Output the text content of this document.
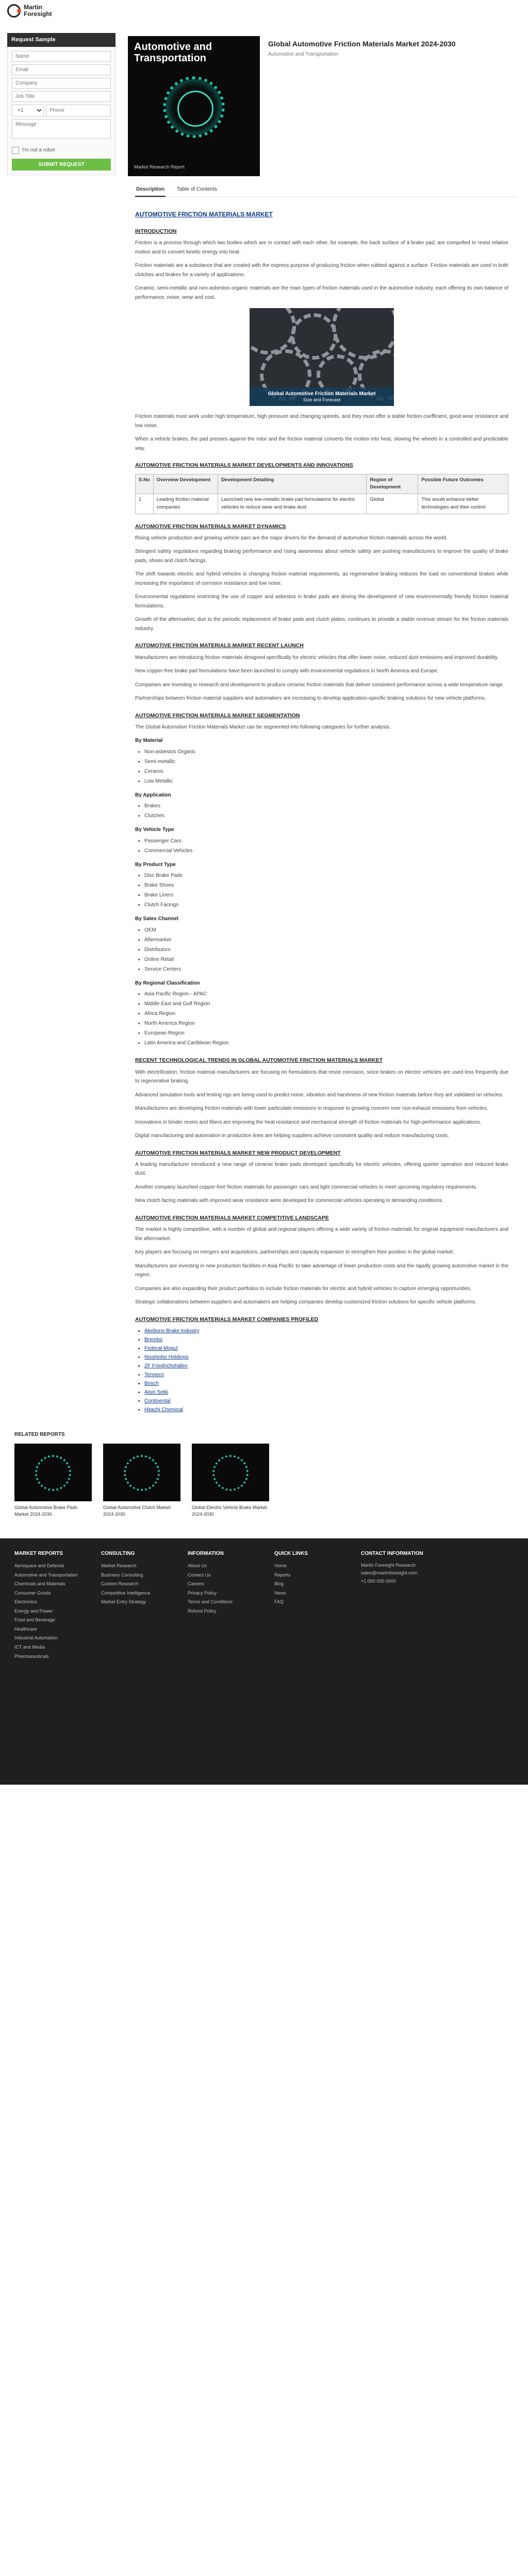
Martin
Foresight
Request Sample
Name Email Company Job Title
+1
Phone
Message
I'm not a robot
SUBMIT REQUEST
Automotive and Transportation
Market Research Report
Global Automotive Friction Materials Market 2024-2030
Automotive and Transportation
Description Table of Contents
AUTOMOTIVE FRICTION MATERIALS MARKET
INTRODUCTION

Friction is a process through which two bodies which are in contact with each other, for example, the back surface of a brake pad, are compelled to resist relative motion and to convert kinetic energy into heat.

Friction materials are a substance that are created with the express purpose of producing friction when rubbed against a surface. Friction materials are used in both clutches and brakes for a variety of applications.

Ceramic, semi-metallic and non-asbestos organic materials are the main types of friction materials used in the automotive industry, each offering its own balance of performance, noise, wear and cost.

Global Automotive Friction Materials Market
Size and Forecast

Friction materials must work under high temperature, high pressure and changing speeds, and they must offer a stable friction coefficient, good wear resistance and low noise.

When a vehicle brakes, the pad presses against the rotor and the friction material converts the motion into heat, slowing the wheels in a controlled and predictable way.

AUTOMOTIVE FRICTION MATERIALS MARKET DEVELOPMENTS AND INNOVATIONS
S.No	Overview Development	Development Detailing	Region of Development	Possible Future Outcomes
1	Leading friction material companies	Launched new low-metallic brake pad formulations for electric vehicles to reduce wear and brake dust	Global	This would enhance better technologies and their control
AUTOMOTIVE FRICTION MATERIALS MARKET DYNAMICS

Rising vehicle production and growing vehicle parc are the major drivers for the demand of automotive friction materials across the world.

Stringent safety regulations regarding braking performance and rising awareness about vehicle safety are pushing manufacturers to improve the quality of brake pads, shoes and clutch facings.

The shift towards electric and hybrid vehicles is changing friction material requirements, as regenerative braking reduces the load on conventional brakes while increasing the importance of corrosion resistance and low noise.

Environmental regulations restricting the use of copper and asbestos in brake pads are driving the development of new environmentally friendly friction material formulations.

Growth of the aftermarket, due to the periodic replacement of brake pads and clutch plates, continues to provide a stable revenue stream for the friction materials industry.

AUTOMOTIVE FRICTION MATERIALS MARKET RECENT LAUNCH

Manufacturers are introducing friction materials designed specifically for electric vehicles that offer lower noise, reduced dust emissions and improved durability.

New copper-free brake pad formulations have been launched to comply with environmental regulations in North America and Europe.

Companies are investing in research and development to produce ceramic friction materials that deliver consistent performance across a wide temperature range.

Partnerships between friction material suppliers and automakers are increasing to develop application-specific braking solutions for new vehicle platforms.

AUTOMOTIVE FRICTION MATERIALS MARKET SEGMENTATION

The Global Automotive Friction Materials Market can be segmented into following categories for further analysis.

By Material
• Non-asbestos Organic
• Semi-metallic
• Ceramic
• Low Metallic
By Application
• Brakes
• Clutches
By Vehicle Type
• Passenger Cars
• Commercial Vehicles
By Product Type
• Disc Brake Pads
• Brake Shoes
• Brake Liners
• Clutch Facings
By Sales Channel
• OEM
• Aftermarket
• Distributors
• Online Retail
• Service Centers
By Regional Classification
• Asia Pacific Region - APAC
• Middle East and Gulf Region
• Africa Region
• North America Region
• European Region
• Latin America and Caribbean Region
RECENT TECHNOLOGICAL TRENDS IN GLOBAL AUTOMOTIVE FRICTION MATERIALS MARKET

With electrification, friction material manufacturers are focusing on formulations that resist corrosion, since brakes on electric vehicles are used less frequently due to regenerative braking.

Advanced simulation tools and testing rigs are being used to predict noise, vibration and harshness of new friction materials before they are validated on vehicles.

Manufacturers are developing friction materials with lower particulate emissions in response to growing concern over non-exhaust emissions from vehicles.

Innovations in binder resins and fibers are improving the heat resistance and mechanical strength of friction materials for high-performance applications.

Digital manufacturing and automation in production lines are helping suppliers achieve consistent quality and reduce manufacturing costs.

AUTOMOTIVE FRICTION MATERIALS MARKET NEW PRODUCT DEVELOPMENT

A leading manufacturer introduced a new range of ceramic brake pads developed specifically for electric vehicles, offering quieter operation and reduced brake dust.

Another company launched copper-free friction materials for passenger cars and light commercial vehicles to meet upcoming regulatory requirements.

New clutch facing materials with improved wear resistance were developed for commercial vehicles operating in demanding conditions.

AUTOMOTIVE FRICTION MATERIALS MARKET COMPETITIVE LANDSCAPE

The market is highly competitive, with a number of global and regional players offering a wide variety of friction materials for original equipment manufacturers and the aftermarket.

Key players are focusing on mergers and acquisitions, partnerships and capacity expansion to strengthen their position in the global market.

Manufacturers are investing in new production facilities in Asia Pacific to take advantage of lower production costs and the rapidly growing automotive market in the region.

Companies are also expanding their product portfolios to include friction materials for electric and hybrid vehicles to capture emerging opportunities.

Strategic collaborations between suppliers and automakers are helping companies develop customized friction solutions for specific vehicle platforms.

AUTOMOTIVE FRICTION MATERIALS MARKET COMPANIES PROFILED
• Akebono Brake Industry
• Brembo
• Federal-Mogul
• Nisshinbo Holdings
• ZF Friedrichshafen
• Tenneco
• Bosch
• Aisin Seiki
• Continental
• Hitachi Chemical
RELATED REPORTS
Global Automotive Brake Pads Market 2024-2030
Global Automotive Clutch Market 2024-2030
Global Electric Vehicle Brake Market 2024-2030
MARKET REPORTS
Aerospace and Defense
Automotive and Transportation
Chemicals and Materials
Consumer Goods
Electronics
Energy and Power
Food and Beverage
Healthcare
Industrial Automation
ICT and Media
Pharmaceuticals
CONSULTING
Market Research
Business Consulting
Custom Research
Competitive Intelligence
Market Entry Strategy
INFORMATION
About Us
Contact Us
Careers
Privacy Policy
Terms and Conditions
Refund Policy
QUICK LINKS
Home
Reports
Blog
News
FAQ
CONTACT INFORMATION

Martin Foresight Research

sales@martinforesight.com

+1 000 000 0000
